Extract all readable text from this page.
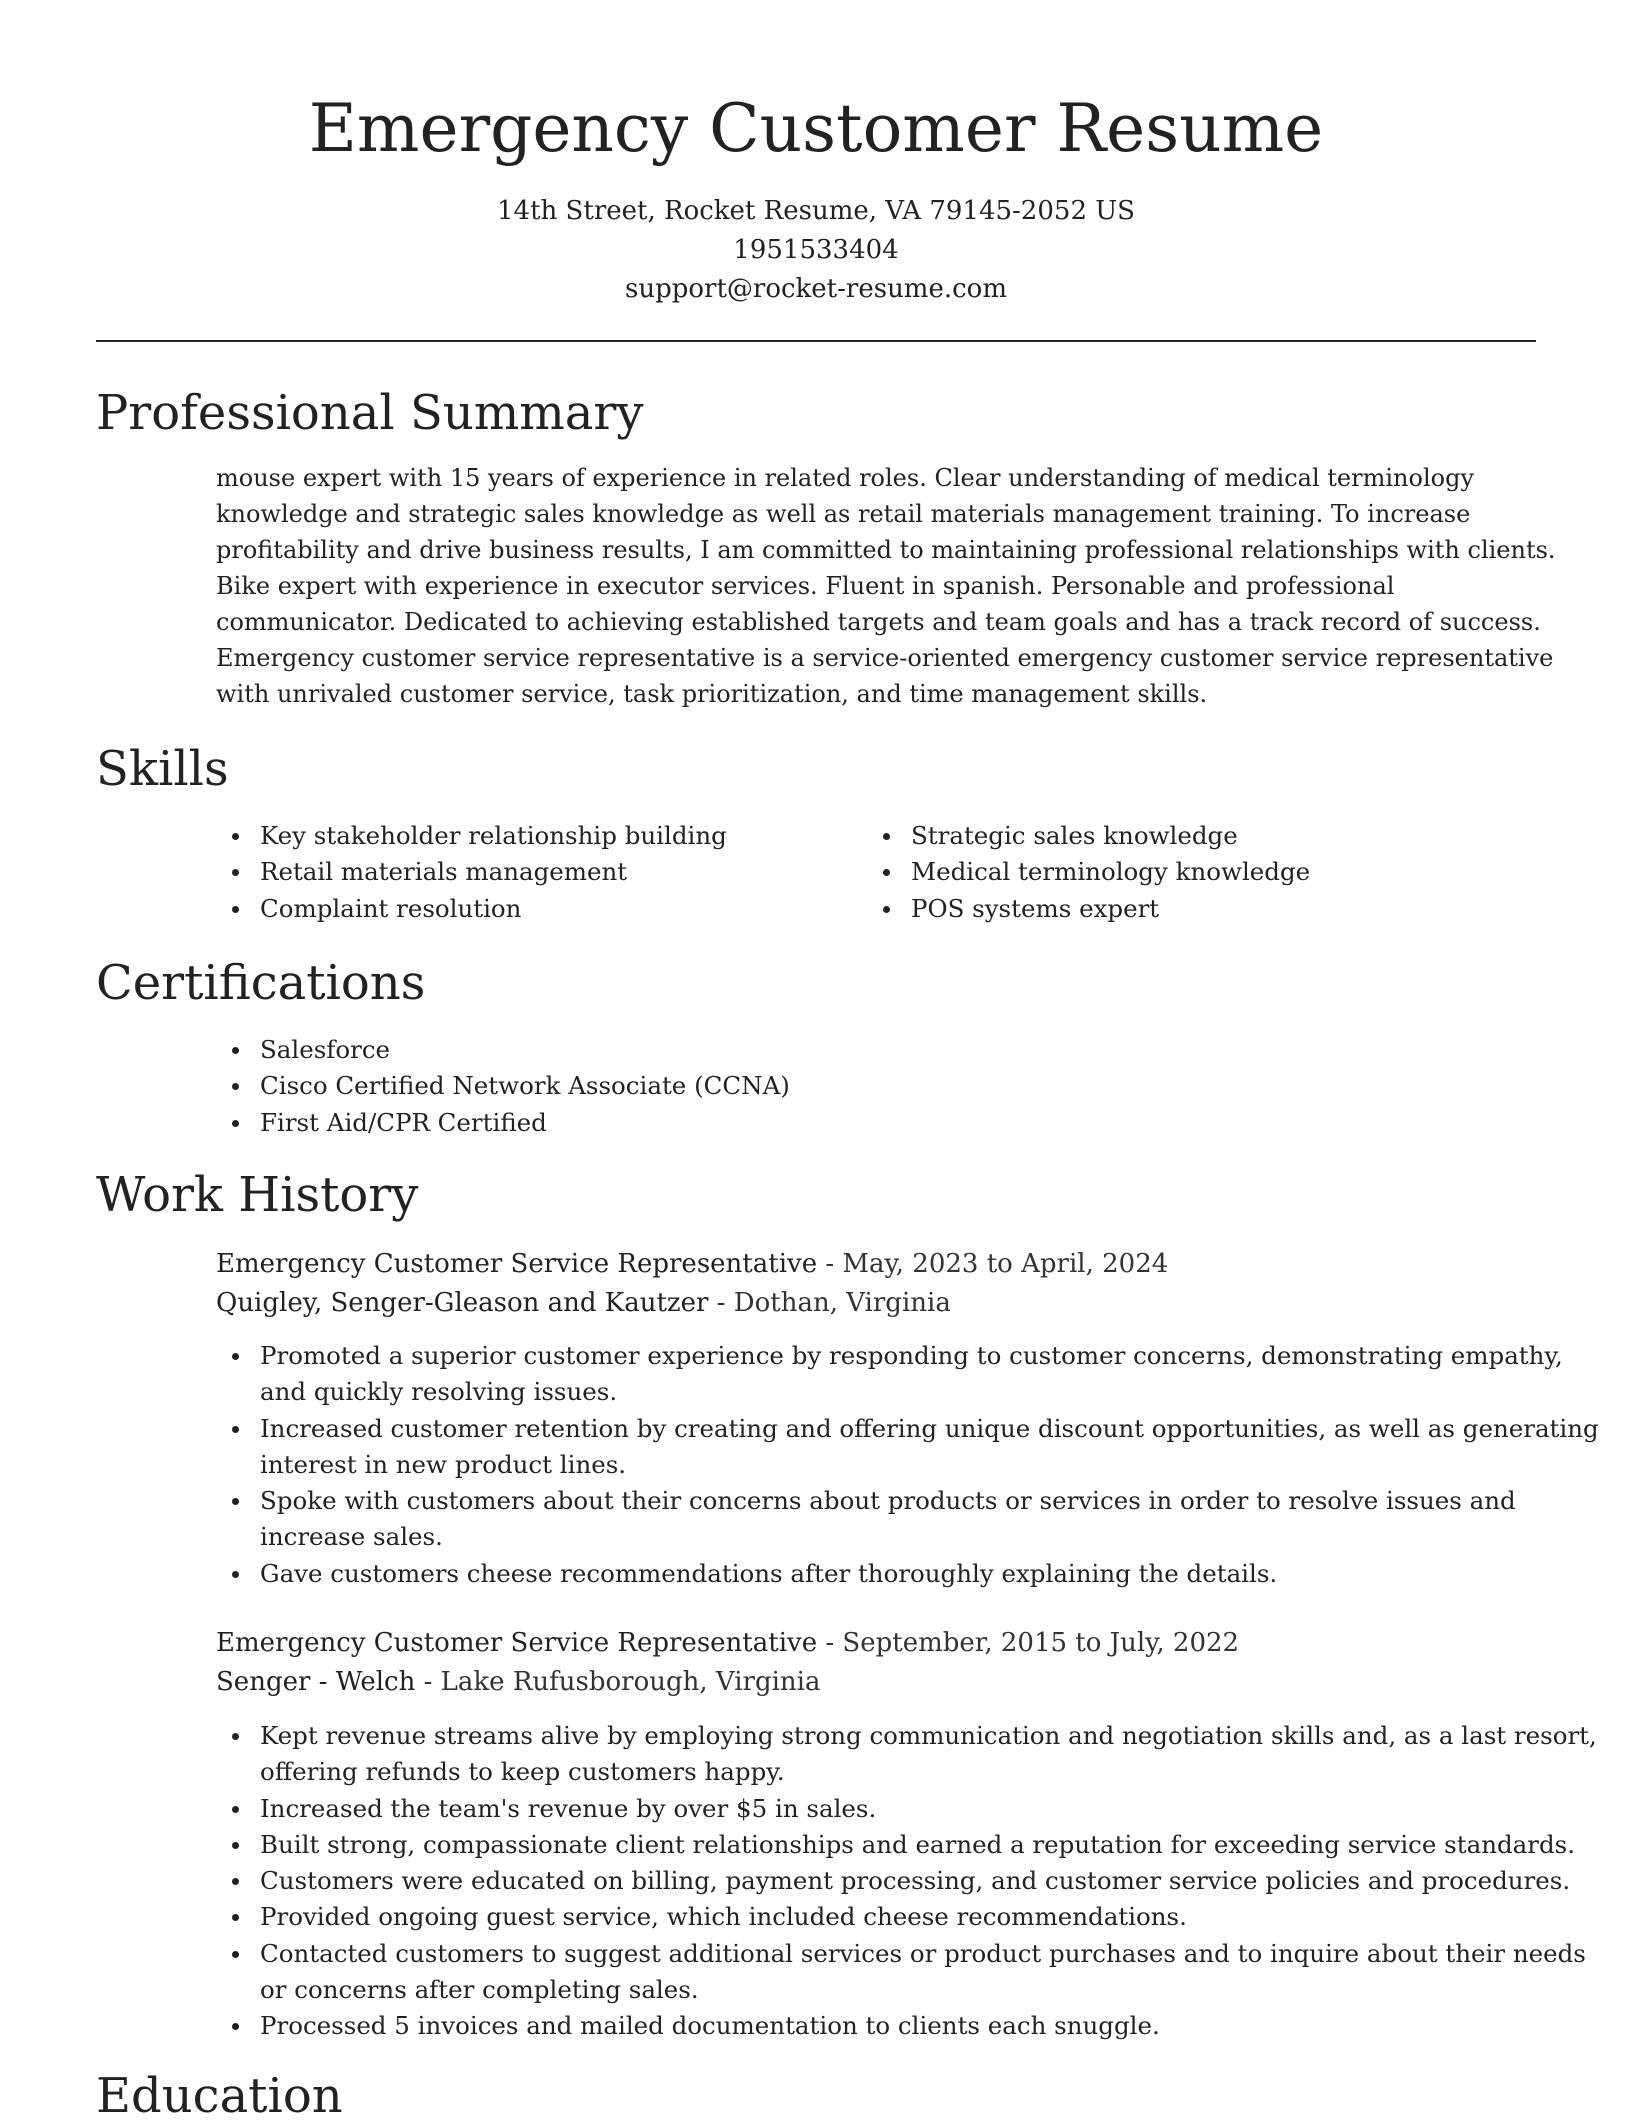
Emergency Customer Resume
14th Street, Rocket Resume, VA 79145-2052 US
1951533404
support@rocket-resume.com
Professional Summary
mouse expert with 15 years of experience in related roles. Clear understanding of medical terminology
knowledge and strategic sales knowledge as well as retail materials management training. To increase
profitability and drive business results, I am committed to maintaining professional relationships with clients.
Bike expert with experience in executor services. Fluent in spanish. Personable and professional
communicator. Dedicated to achieving established targets and team goals and has a track record of success.
Emergency customer service representative is a service-oriented emergency customer service representative
with unrivaled customer service, task prioritization, and time management skills.
Skills
Key stakeholder relationship building
Retail materials management
Complaint resolution
Strategic sales knowledge
Medical terminology knowledge
POS systems expert
Certifications
Salesforce
Cisco Certified Network Associate (CCNA)
First Aid/CPR Certified
Work History
Emergency Customer Service Representative - May, 2023 to April, 2024
Quigley, Senger-Gleason and Kautzer - Dothan, Virginia
Promoted a superior customer experience by responding to customer concerns, demonstrating empathy,
and quickly resolving issues.
Increased customer retention by creating and offering unique discount opportunities, as well as generating
interest in new product lines.
Spoke with customers about their concerns about products or services in order to resolve issues and
increase sales.
Gave customers cheese recommendations after thoroughly explaining the details.
Emergency Customer Service Representative - September, 2015 to July, 2022
Senger - Welch - Lake Rufusborough, Virginia
Kept revenue streams alive by employing strong communication and negotiation skills and, as a last resort,
offering refunds to keep customers happy.
Increased the team's revenue by over $5 in sales.
Built strong, compassionate client relationships and earned a reputation for exceeding service standards.
Customers were educated on billing, payment processing, and customer service policies and procedures.
Provided ongoing guest service, which included cheese recommendations.
Contacted customers to suggest additional services or product purchases and to inquire about their needs
or concerns after completing sales.
Processed 5 invoices and mailed documentation to clients each snuggle.
Education
